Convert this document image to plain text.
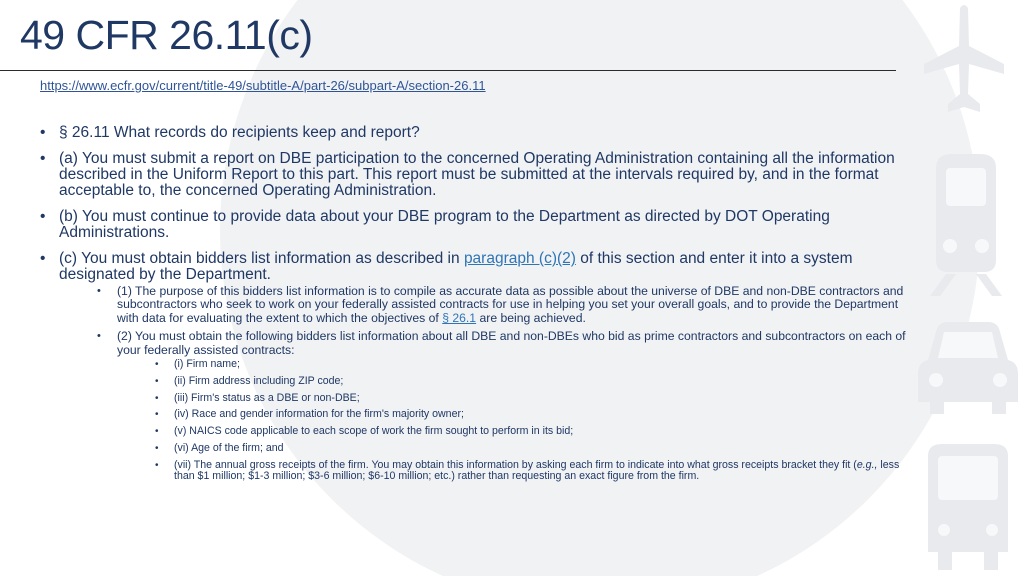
49 CFR 26.11(c)
https://www.ecfr.gov/current/title-49/subtitle-A/part-26/subpart-A/section-26.11
• § 26.11 What records do recipients keep and report?
• (a) You must submit a report on DBE participation to the concerned Operating Administration containing all the information described in the Uniform Report to this part. This report must be submitted at the intervals required by, and in the format acceptable to, the concerned Operating Administration.
• (b) You must continue to provide data about your DBE program to the Department as directed by DOT Operating Administrations.
• (c) You must obtain bidders list information as described in paragraph (c)(2) of this section and enter it into a system designated by the Department.
• (1) The purpose of this bidders list information is to compile as accurate data as possible about the universe of DBE and non-DBE contractors and subcontractors who seek to work on your federally assisted contracts for use in helping you set your overall goals, and to provide the Department with data for evaluating the extent to which the objectives of § 26.1 are being achieved.
• (2) You must obtain the following bidders list information about all DBE and non-DBEs who bid as prime contractors and subcontractors on each of your federally assisted contracts:
• (i) Firm name;
• (ii) Firm address including ZIP code;
• (iii) Firm's status as a DBE or non-DBE;
• (iv) Race and gender information for the firm's majority owner;
• (v) NAICS code applicable to each scope of work the firm sought to perform in its bid;
• (vi) Age of the firm; and
• (vii) The annual gross receipts of the firm. You may obtain this information by asking each firm to indicate into what gross receipts bracket they fit (e.g., less than $1 million; $1-3 million; $3-6 million; $6-10 million; etc.) rather than requesting an exact figure from the firm.
